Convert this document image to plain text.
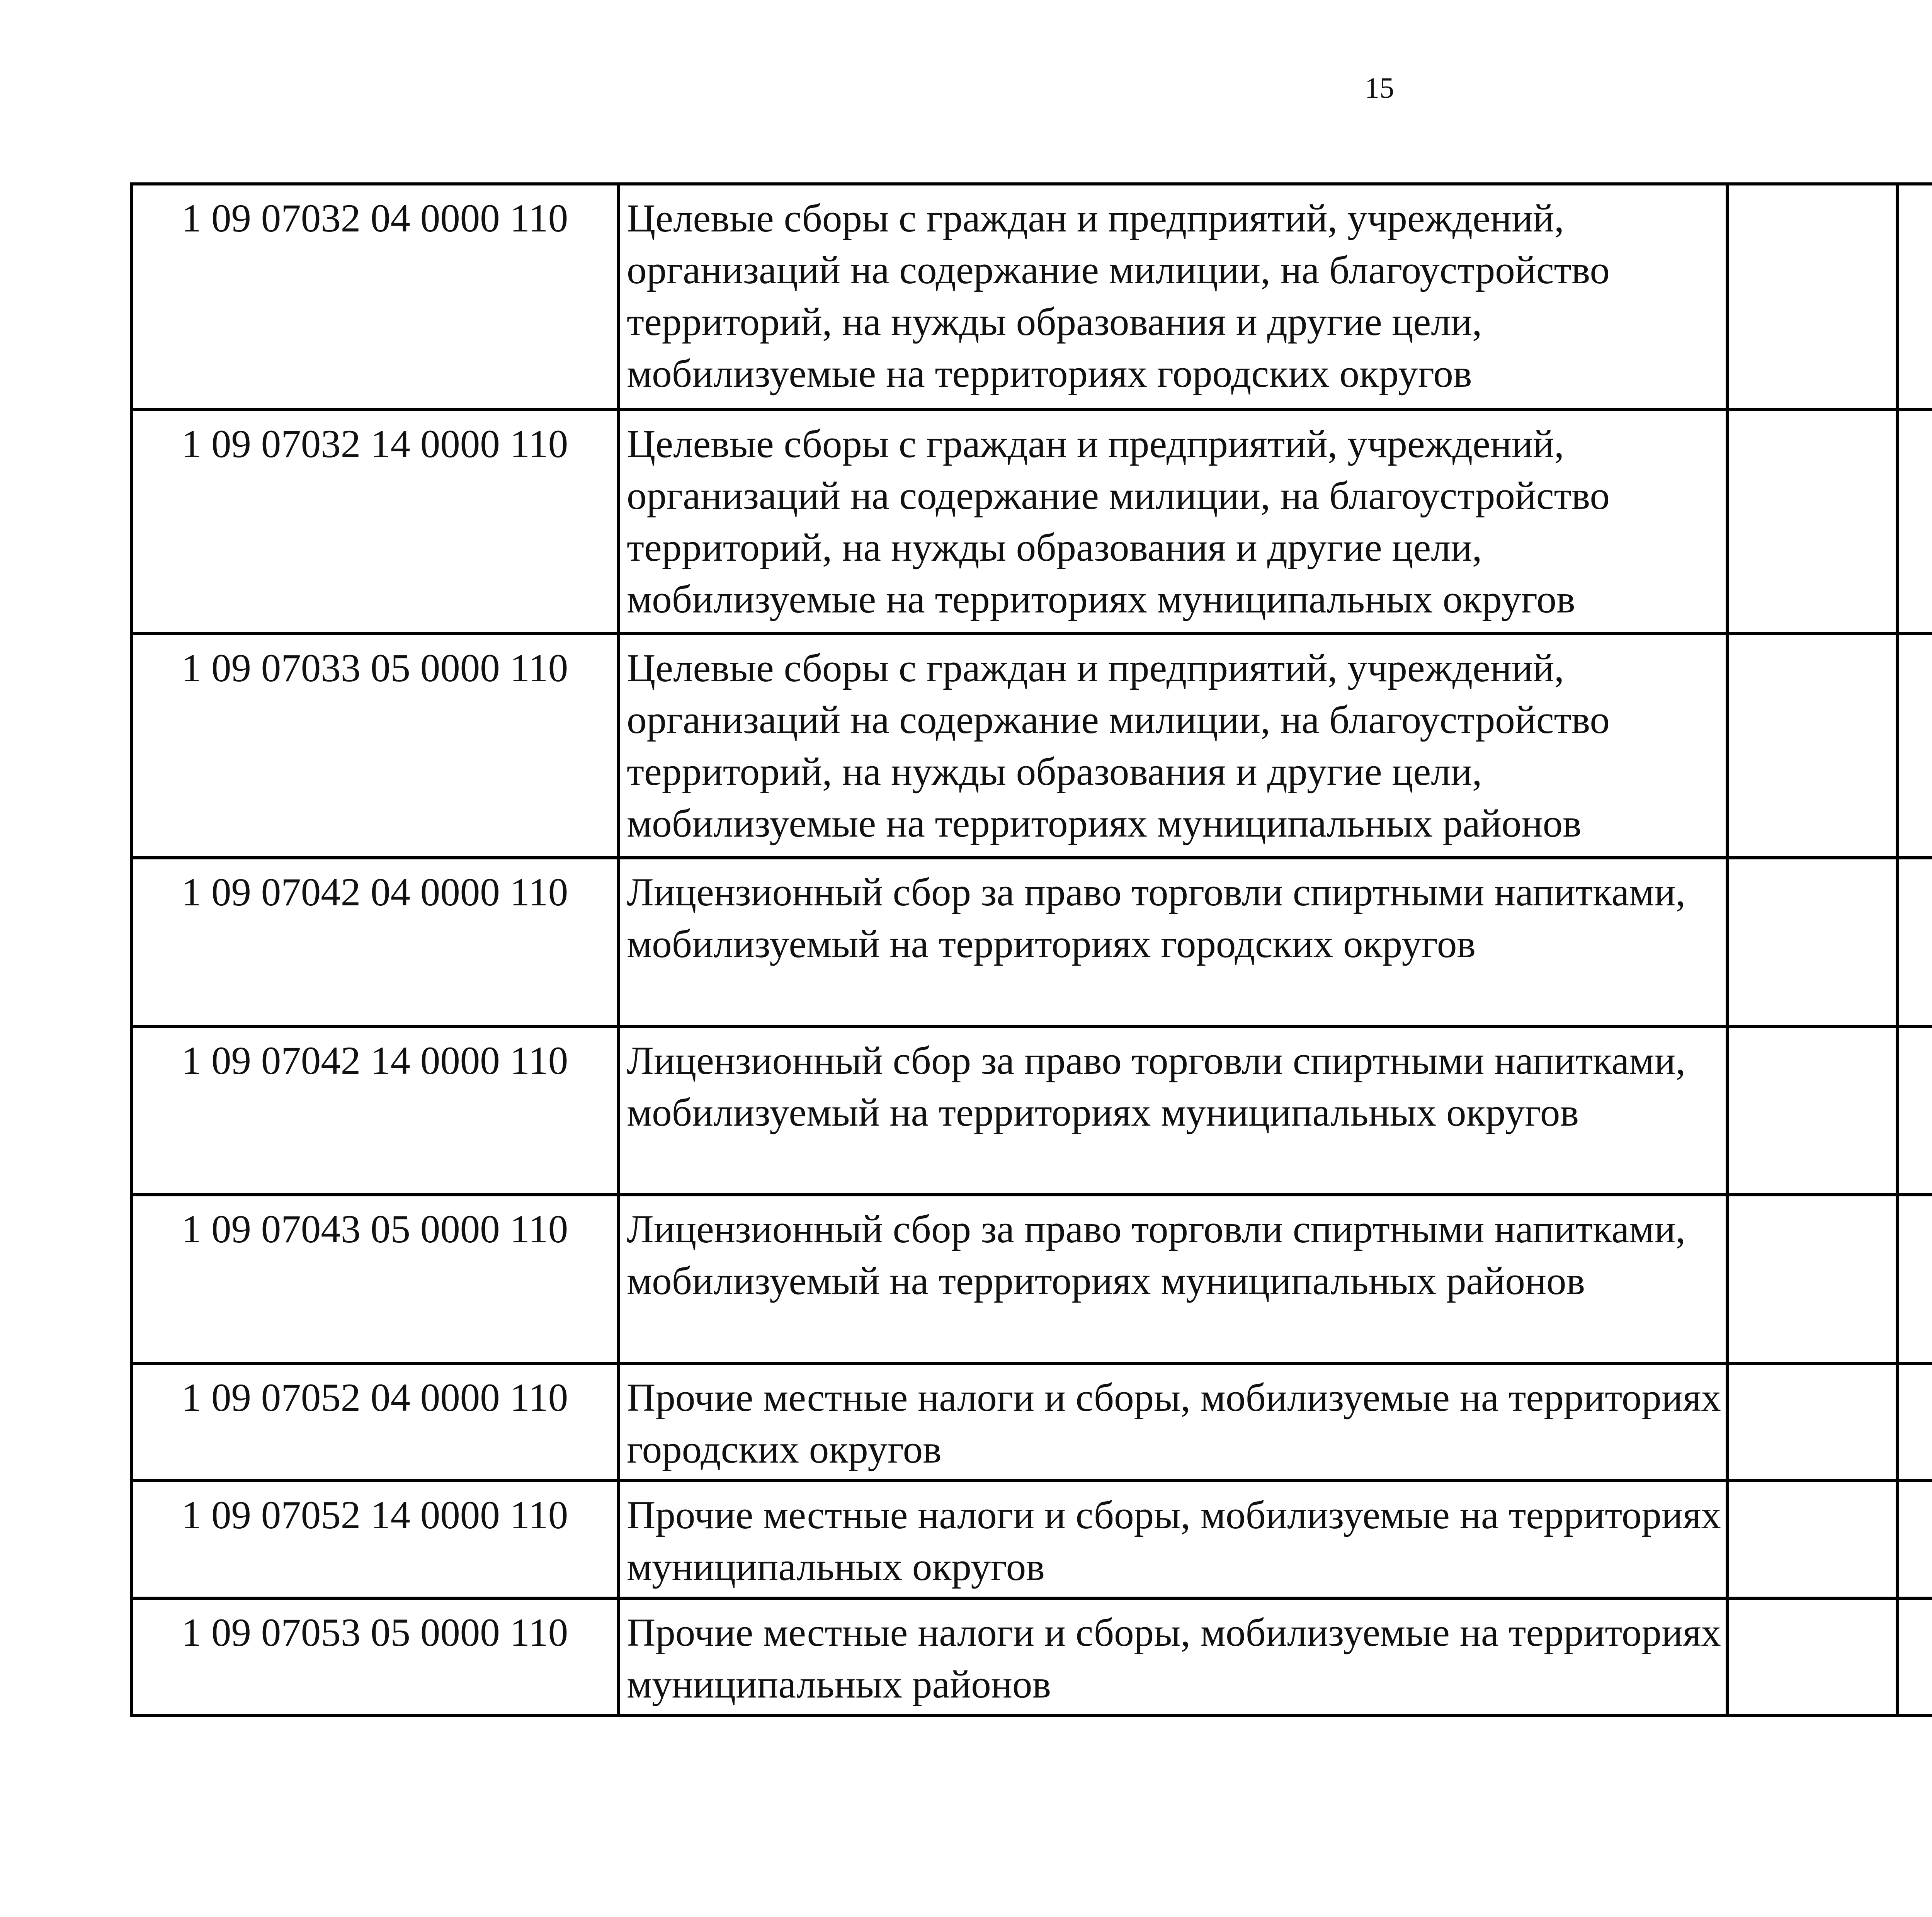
15
1 09 07032 04 0000 110	Целевые сборы с граждан и предприятий, учреждений, организаций на содержание милиции, на благоустройство территорий, на нужды образования и другие цели, мобилизуемые на территориях городских округов					
1 09 07032 14 0000 110	Целевые сборы с граждан и предприятий, учреждений, организаций на содержание милиции, на благоустройство территорий, на нужды образования и другие цели, мобилизуемые на территориях муниципальных округов					
1 09 07033 05 0000 110	Целевые сборы с граждан и предприятий, учреждений, организаций на содержание милиции, на благоустройство территорий, на нужды образования и другие цели, мобилизуемые на территориях муниципальных районов					
1 09 07042 04 0000 110	Лицензионный сбор за право торговли спиртными напитками, мобилизуемый на территориях городских округов					
1 09 07042 14 0000 110	Лицензионный сбор за право торговли спиртными напитками, мобилизуемый на территориях муниципальных округов					
1 09 07043 05 0000 110	Лицензионный сбор за право торговли спиртными напитками, мобилизуемый на территориях муниципальных районов					
1 09 07052 04 0000 110	Прочие местные налоги и сборы, мобилизуемые на территориях городских округов					
1 09 07052 14 0000 110	Прочие местные налоги и сборы, мобилизуемые на территориях муниципальных округов					
1 09 07053 05 0000 110	Прочие местные налоги и сборы, мобилизуемые на территориях муниципальных районов					
